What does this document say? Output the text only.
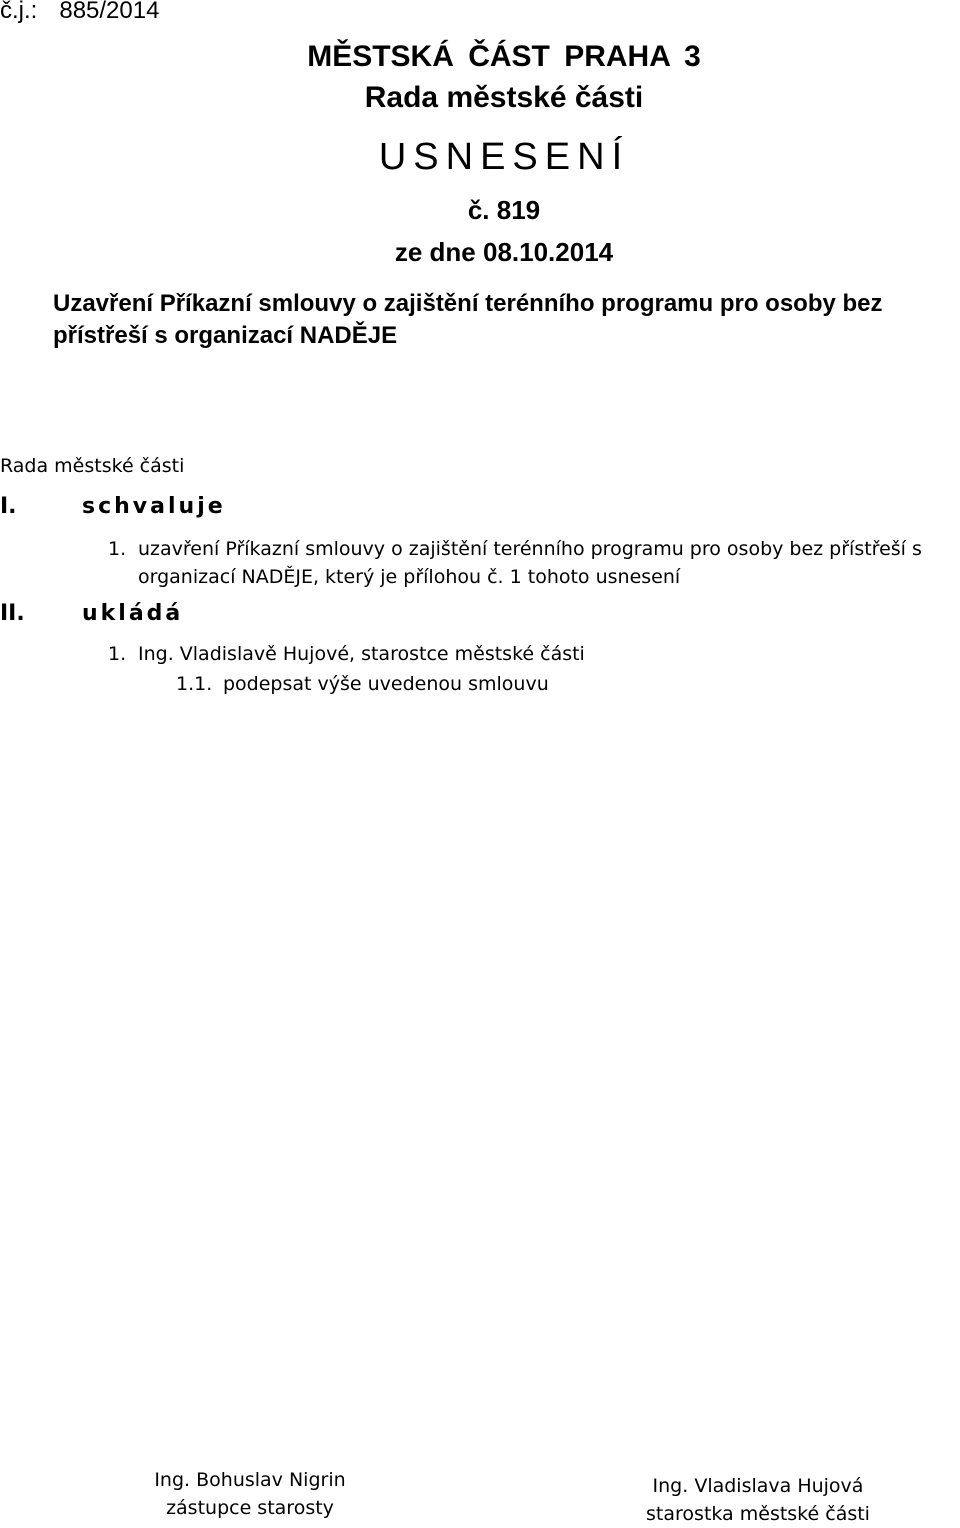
č.j.: 885/2014
MĚSTSKÁ ČÁST PRAHA 3
Rada městské části
USNESENÍ
č. 819
ze dne 08.10.2014
Uzavření Příkazní smlouvy o zajištění terénního programu pro osoby bez přístřeší s organizací NADĚJE
Rada městské části
I.	schvaluje
1. uzavření Příkazní smlouvy o zajištění terénního programu pro osoby bez přístřeší s organizací NADĚJE, který je přílohou č. 1 tohoto usnesení
II.	ukládá
1. Ing. Vladislavě Hujové, starostce městské části
1.1. podepsat výše uvedenou smlouvu
Ing. Bohuslav Nigrin
zástupce starosty
Ing. Vladislava Hujová
starostka městské části
